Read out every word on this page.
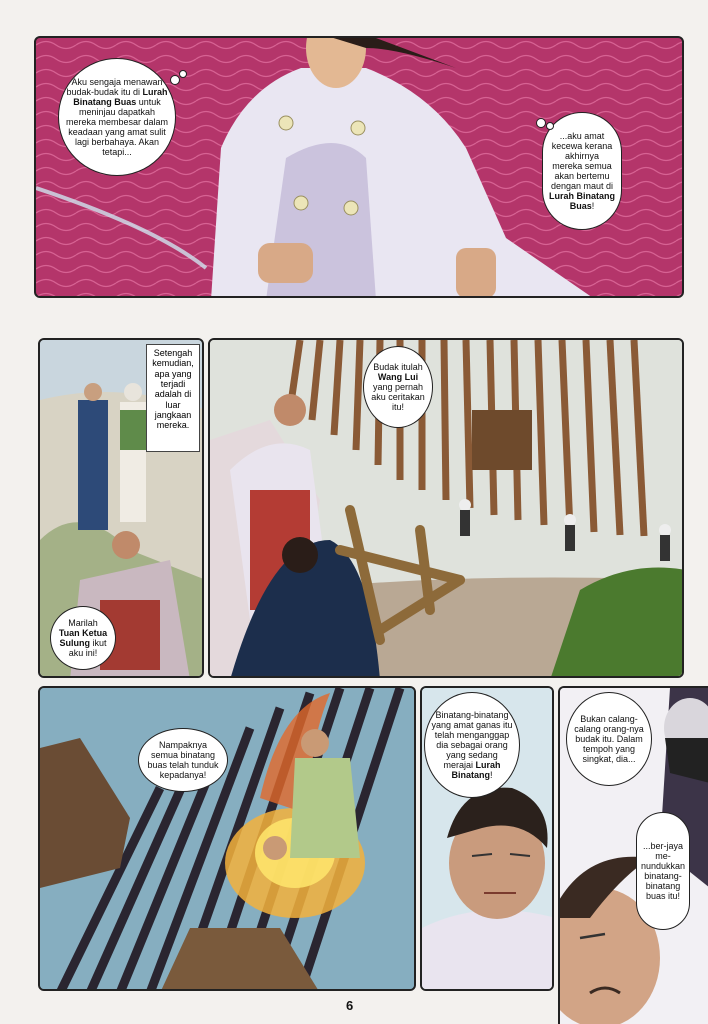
Aku sengaja menawan budak-budak itu di Lurah Binatang Buas untuk meninjau dapatkah mereka membesar dalam keadaan yang amat sulit lagi berbahaya. Akan tetapi...
...aku amat kecewa kerana akhirnya mereka semua akan bertemu dengan maut di Lurah Binatang Buas!
Setengah kemudian, apa yang terjadi adalah di luar jangkaan mereka.
Marilah Tuan Ketua Sulung ikut aku ini!
Budak itulah Wang Lui yang pernah aku ceritakan itu!
Nampaknya semua binatang buas telah tunduk kepadanya!
Binatang-binatang yang amat ganas itu telah menganggap dia sebagai orang yang sedang merajai Lurah Binatang!
Bukan calang-calang orang-nya budak itu. Dalam tempoh yang singkat, dia...
...ber-jaya me-nundukkan binatang-binatang buas itu!
6
